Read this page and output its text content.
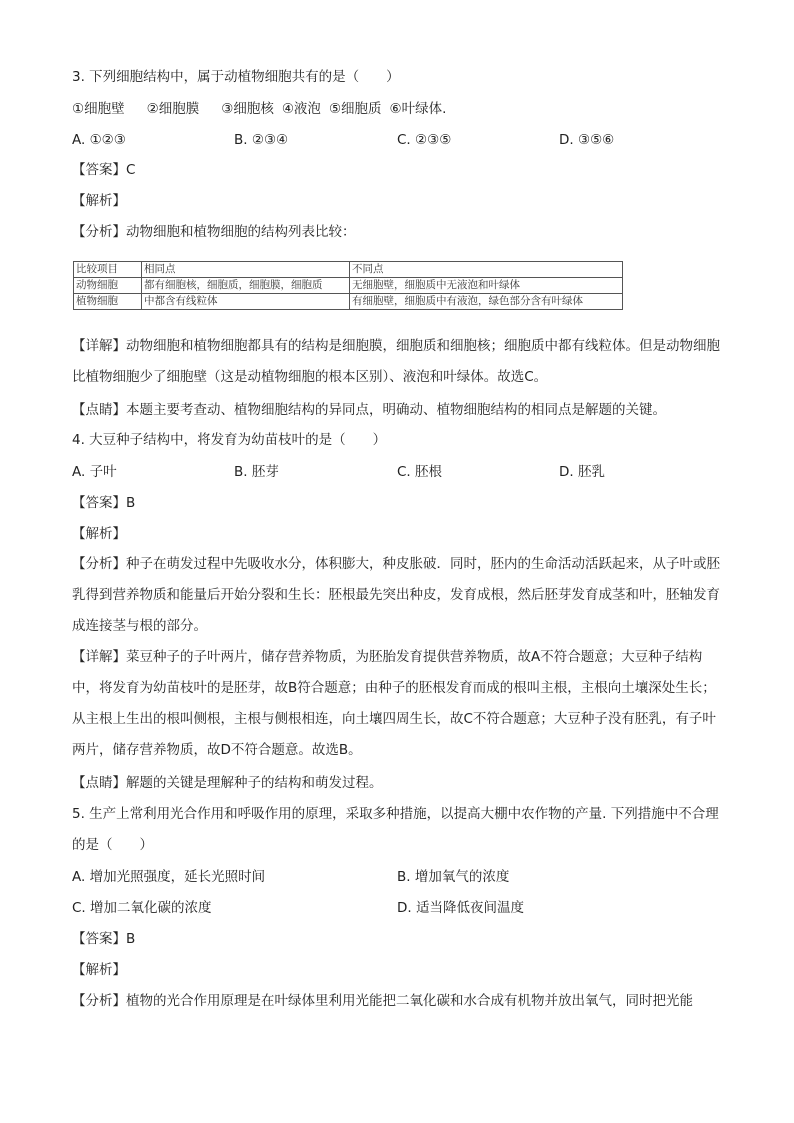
3. 下列细胞结构中，属于动植物细胞共有的是（　　）
①细胞壁 ②细胞膜 ③细胞核 ④液泡 ⑤细胞质 ⑥叶绿体.
A. ①②③	B. ②③④	C. ②③⑤	D. ③⑤⑥
【答案】C
【解析】
【分析】动物细胞和植物细胞的结构列表比较：
比较项目	相同点	不同点
动物细胞	都有细胞核，细胞质，细胞膜，细胞质	无细胞壁，细胞质中无液泡和叶绿体
植物细胞	中都含有线粒体	有细胞壁，细胞质中有液泡，绿色部分含有叶绿体
【详解】动物细胞和植物细胞都具有的结构是细胞膜，细胞质和细胞核；细胞质中都有线粒体。但是动物细胞比植物细胞少了细胞壁（这是动植物细胞的根本区别）、液泡和叶绿体。故选C。
【点睛】本题主要考查动、植物细胞结构的异同点，明确动、植物细胞结构的相同点是解题的关键。
4. 大豆种子结构中，将发育为幼苗枝叶的是（　　）
A. 子叶	B. 胚芽	C. 胚根	D. 胚乳
【答案】B
【解析】
【分析】种子在萌发过程中先吸收水分，体积膨大，种皮胀破．同时，胚内的生命活动活跃起来，从子叶或胚乳得到营养物质和能量后开始分裂和生长：胚根最先突出种皮，发育成根，然后胚芽发育成茎和叶，胚轴发育成连接茎与根的部分。
【详解】菜豆种子的子叶两片，储存营养物质，为胚胎发育提供营养物质，故A不符合题意；大豆种子结构中，将发育为幼苗枝叶的是胚芽，故B符合题意；由种子的胚根发育而成的根叫主根，主根向土壤深处生长；从主根上生出的根叫侧根，主根与侧根相连，向土壤四周生长，故C不符合题意；大豆种子没有胚乳，有子叶两片，储存营养物质，故D不符合题意。故选B。
【点睛】解题的关键是理解种子的结构和萌发过程。
5. 生产上常利用光合作用和呼吸作用的原理，采取多种措施，以提高大棚中农作物的产量. 下列措施中不合理的是（　　）
A. 增加光照强度，延长光照时间	B. 增加氧气的浓度
C. 增加二氧化碳的浓度	D. 适当降低夜间温度
【答案】B
【解析】
【分析】植物的光合作用原理是在叶绿体里利用光能把二氧化碳和水合成有机物并放出氧气，同时把光能
